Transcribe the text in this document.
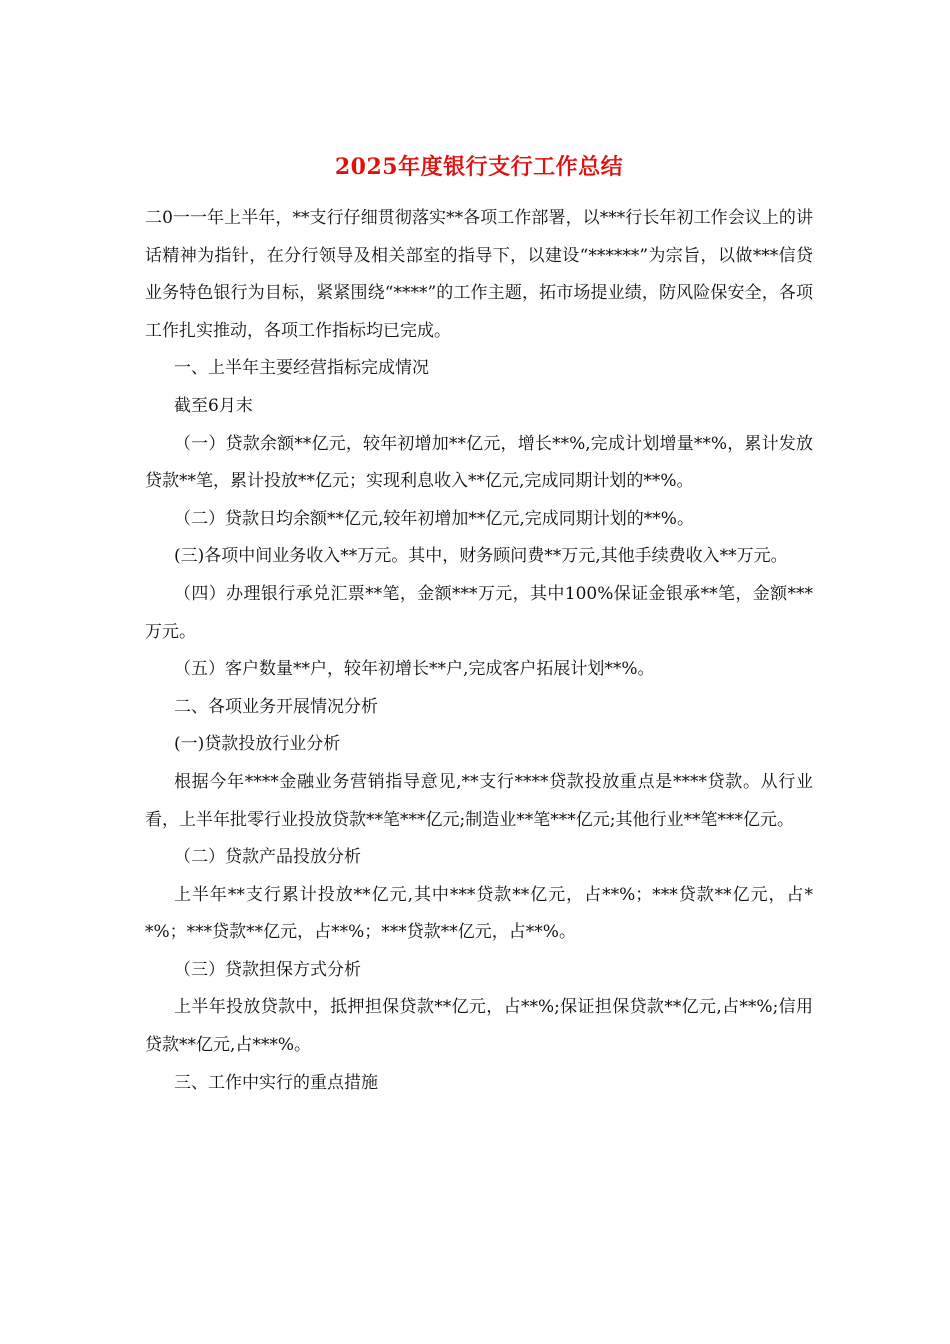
2025年度银行支行工作总结

二0一一年上半年，**支行仔细贯彻落实**各项工作部署，以***行长年初工作会议上的讲话精神为指针，在分行领导及相关部室的指导下，以建设“******”为宗旨，以做***信贷业务特色银行为目标，紧紧围绕“****”的工作主题，拓市场提业绩，防风险保安全，各项工作扎实推动，各项工作指标均已完成。

一、上半年主要经营指标完成情况

截至6月末

（一）贷款余额**亿元，较年初增加**亿元，增长**%,完成计划增量**%，累计发放贷款**笔，累计投放**亿元；实现利息收入**亿元,完成同期计划的**%。

（二）贷款日均余额**亿元,较年初增加**亿元,完成同期计划的**%。

(三)各项中间业务收入**万元。其中，财务顾问费**万元,其他手续费收入**万元。

（四）办理银行承兑汇票**笔，金额***万元，其中100%保证金银承**笔，金额***万元。

（五）客户数量**户，较年初增长**户,完成客户拓展计划**%。

二、各项业务开展情况分析

(一)贷款投放行业分析

根据今年****金融业务营销指导意见,**支行****贷款投放重点是****贷款。从行业看，上半年批零行业投放贷款**笔***亿元;制造业**笔***亿元;其他行业**笔***亿元。

（二）贷款产品投放分析

上半年**支行累计投放**亿元,其中***贷款**亿元，占**%；***贷款**亿元，占**%；***贷款**亿元，占**%；***贷款**亿元，占**%。

（三）贷款担保方式分析

上半年投放贷款中，抵押担保贷款**亿元，占**%;保证担保贷款**亿元,占**%;信用贷款**亿元,占***%。

三、工作中实行的重点措施
